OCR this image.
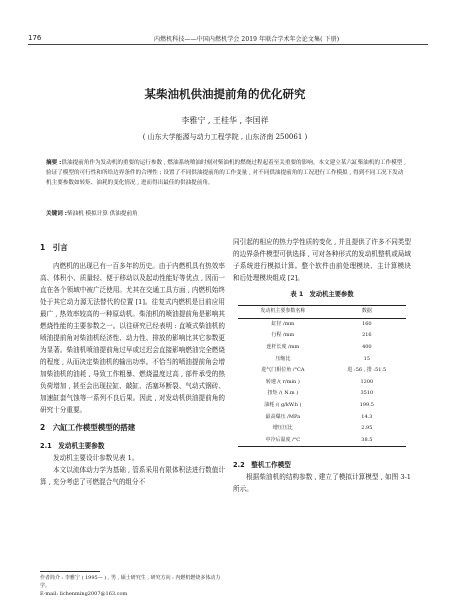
176	内燃机科技——中国内燃机学会 2019 年联合学术年会论文集( 下册)
某柴油机供油提前角的优化研究
李雅宁 , 王桂华 , 李国祥
( 山东大学能源与动力工程学院 , 山东济南 250061 )
摘要 :供油提前角作为发动机的重要的运行参数 , 燃油系统喷油时刻对柴油机的燃烧过程起着至关重要的影响。本文建立某六缸柴油机的工作模型 , 验证了模型的可行性和所给边界条件的合理性 ; 设置了不同供油提前角的工作变量 , 对不同供油提前角的工况进行工作模拟 , 得到不同工况下发动机主要参数如转矩、油耗的变化情况 , 进而得出最佳的供油提前角。
关键词 :柴油机 模拟计算 供油提前角
1　引言

内燃机的出现已有一百多年的历史。由于内燃机具有热效率高、体积小、质量轻、便于移动以及起动性能好等优点 , 因而一直在各个领域中被广泛使用。尤其在交通工具方面 , 内燃机始终处于其它动力源无法替代的位置 [1]。往复式内燃机是目前应用最广 , 热效率较高的一种原动机。柴油机的喷油提前角是影响其燃烧性能的主要参数之一。以往研究已经表明 : 直喷式柴油机的喷油提前角对柴油机经济性、动力性、排放的影响比其它参数更为显著。柴油机喷油提前角过早或过迟会直接影响燃油完全燃烧的程度 , 从而决定柴油机的输出功率。不恰当的喷油提前角会增加柴油机的油耗 , 导致工作粗暴、燃烧温度过高 , 部件承受的热负荷增加 , 甚至会出现拉缸、敲缸、活塞环断裂、气动式钢砖、加速缸套气蚀等一系列不良后果。因此 , 对发动机供油提前角的研究十分重要。

2　六缸工作模型模型的搭建
2.1　发动机主要参数

发动机主要设计参数见表 1。

本文以流体动力学为基础 , 管系采用有限体积法进行数值计算 , 充分考虑了可燃混合气的组分不

同引起的相应的热力学性质的变化 , 并且提供了许多不同类型的边界条件模型可供选择 , 可对各种形式的发动机整机或局域子系统进行模拟计算。整个软件由前处理模块、主计算模块和后处理模块组成 [2]。

表 1　发动机主要参数
发动机主要参数名称	数据
缸径 /mm	160
行程 /mm	216
连杆长度 /mm	400
压缩比	15
进气门相位角 /°CA	进 :56 , 排 :51.5
转速 /( r/min )	1200
扭矩 /( N.m )	3510
油耗 /( g/kW.h )	199.5
最高爆压 /MPa	14.3
增压压比	2.95
中冷后温度 /°C	38.5
2.2　整机工作模型

根据柴油机的结构参数 , 建立了模拟计算模型 , 如图 3-1 所示。

作者简介 : 李雅宁 ( 1995— ) , 男 , 硕士研究生 , 研究方向 : 内燃机燃烧多体动力学。
E-mail: lichenming2007@163.com
